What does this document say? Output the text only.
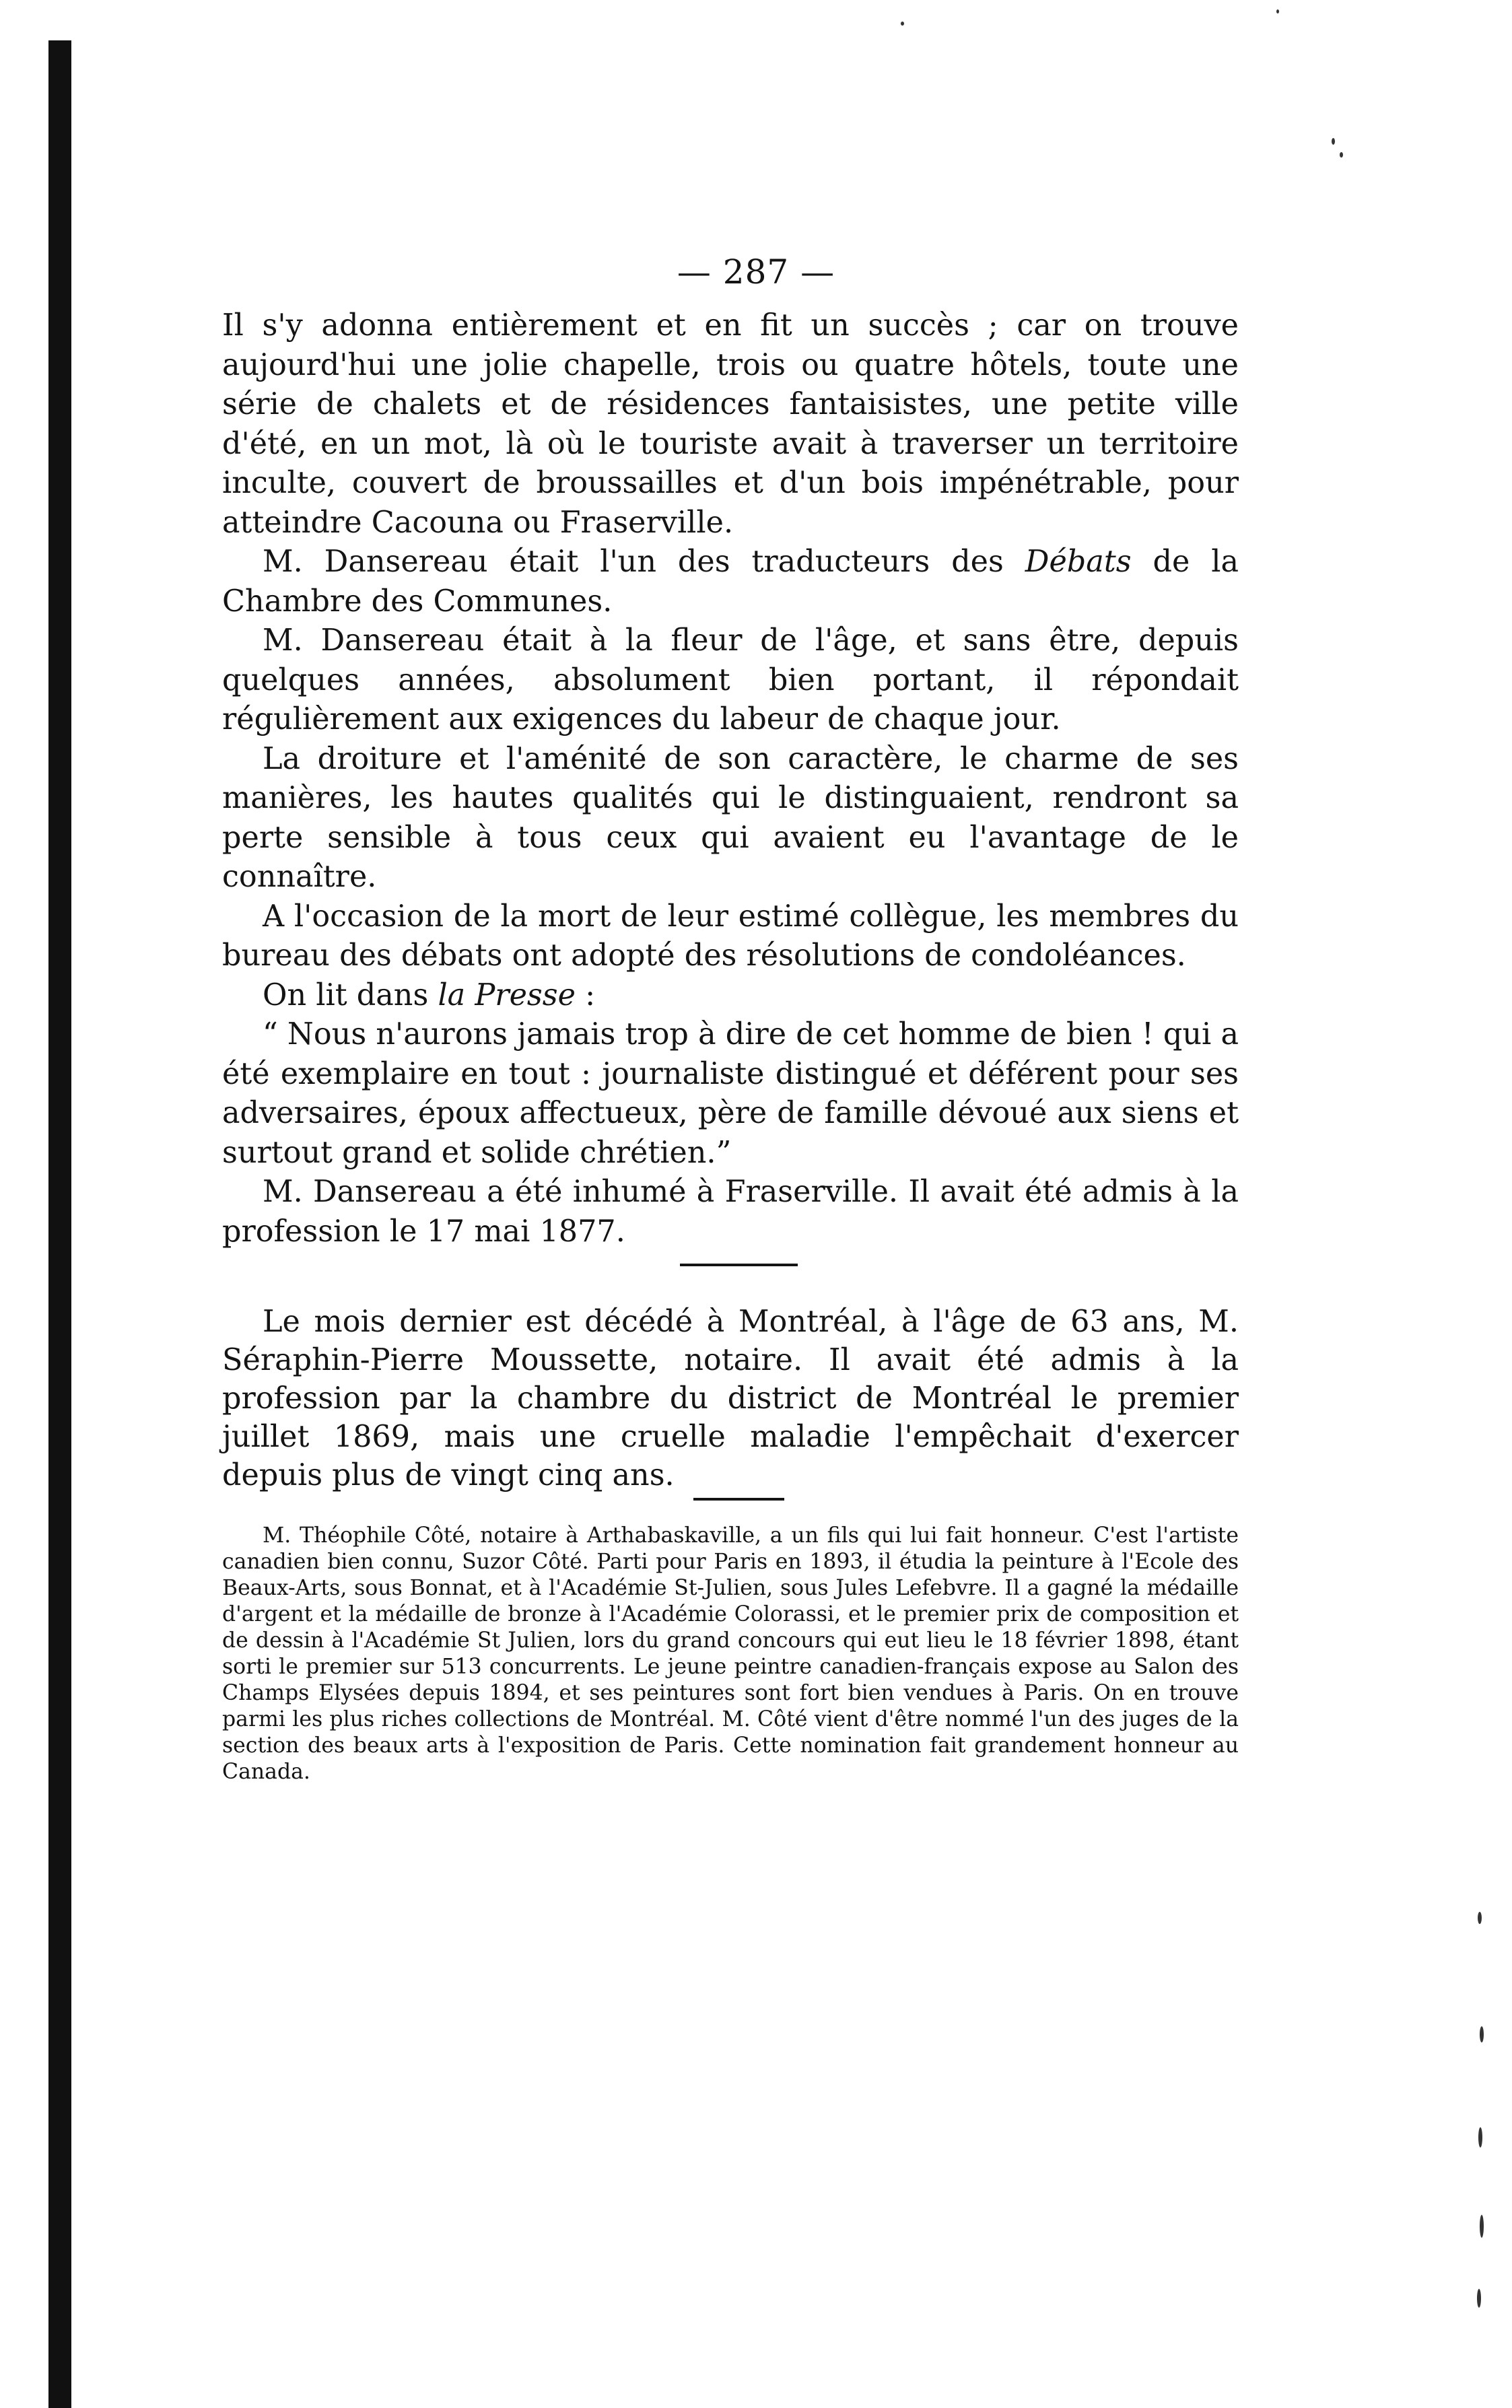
— 287 —

Il s'y adonna entièrement et en fit un succès ; car on trouve aujourd'hui une jolie chapelle, trois ou quatre hôtels, toute une série de chalets et de résidences fantaisistes, une petite ville d'été, en un mot, là où le touriste avait à traverser un territoire inculte, couvert de broussailles et d'un bois impénétrable, pour atteindre Cacouna ou Fraserville.

M. Dansereau était l'un des traducteurs des Débats de la Chambre des Communes.

M. Dansereau était à la fleur de l'âge, et sans être, depuis quelques années, absolument bien portant, il répondait régulièrement aux exigences du labeur de chaque jour.

La droiture et l'aménité de son caractère, le charme de ses manières, les hautes qualités qui le distinguaient, rendront sa perte sensible à tous ceux qui avaient eu l'avantage de le connaître.

A l'occasion de la mort de leur estimé collègue, les membres du bureau des débats ont adopté des résolutions de condoléances.

On lit dans la Presse :

“ Nous n'aurons jamais trop à dire de cet homme de bien ! qui a été exemplaire en tout : journaliste distingué et déférent pour ses adversaires, époux affectueux, père de famille dévoué aux siens et surtout grand et solide chrétien.”

M. Dansereau a été inhumé à Fraserville. Il avait été admis à la profession le 17 mai 1877.

Le mois dernier est décédé à Montréal, à l'âge de 63 ans, M. Séraphin-Pierre Moussette, notaire. Il avait été admis à la profession par la chambre du district de Montréal le premier juillet 1869, mais une cruelle maladie l'empêchait d'exercer depuis plus de vingt cinq ans.

M. Théophile Côté, notaire à Arthabaskaville, a un fils qui lui fait honneur. C'est l'artiste canadien bien connu, Suzor Côté. Parti pour Paris en 1893, il étudia la peinture à l'Ecole des Beaux-Arts, sous Bonnat, et à l'Académie St-Julien, sous Jules Lefebvre. Il a gagné la médaille d'argent et la médaille de bronze à l'Académie Colorassi, et le premier prix de composition et de dessin à l'Académie St Julien, lors du grand concours qui eut lieu le 18 février 1898, étant sorti le premier sur 513 concurrents. Le jeune peintre canadien-français expose au Salon des Champs Elysées depuis 1894, et ses peintures sont fort bien vendues à Paris. On en trouve parmi les plus riches collections de Montréal. M. Côté vient d'être nommé l'un des juges de la section des beaux arts à l'exposition de Paris. Cette nomination fait grandement honneur au Canada.
